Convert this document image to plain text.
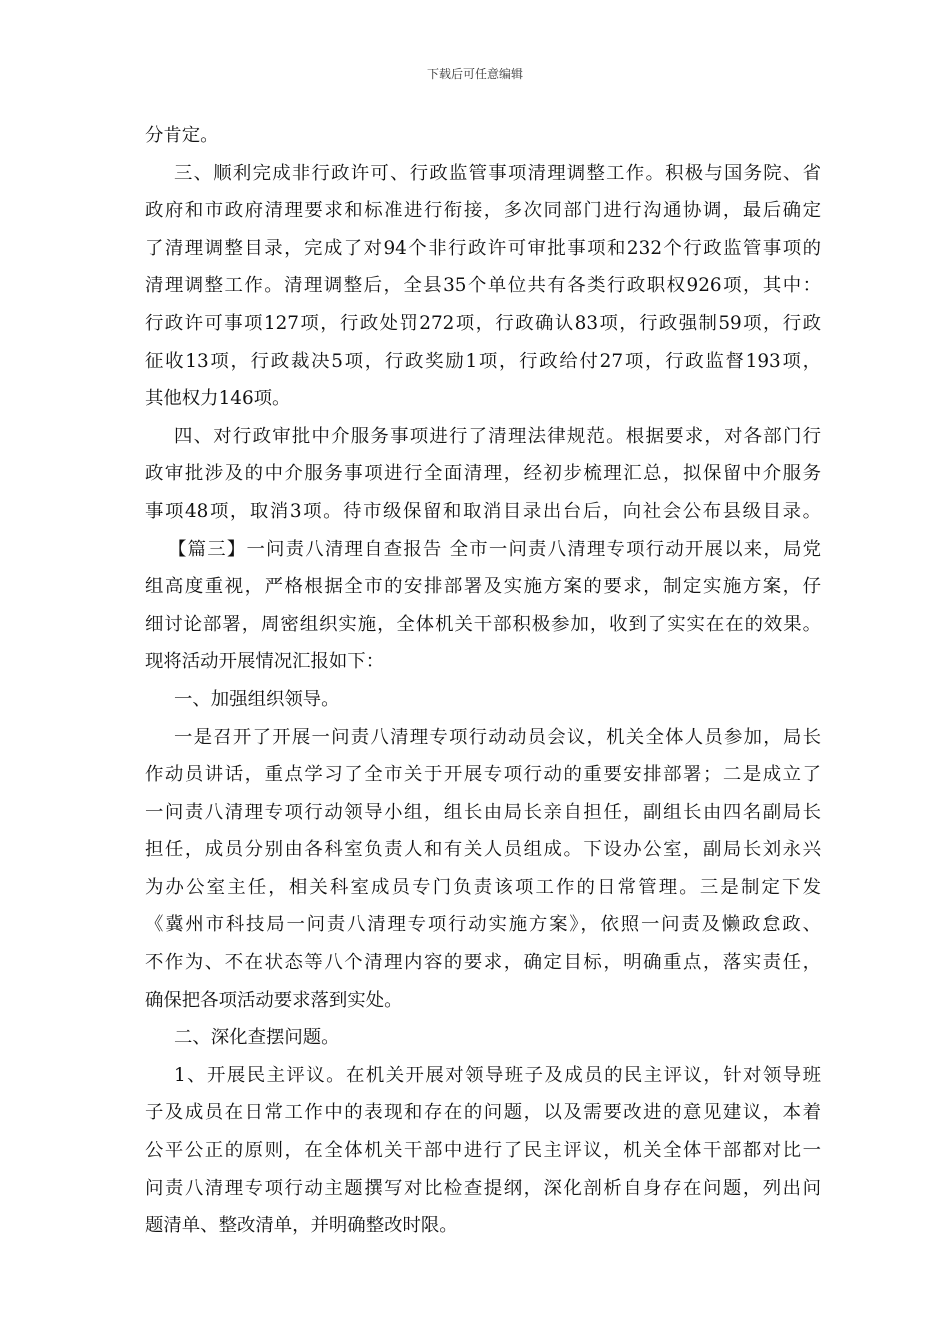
下载后可任意编辑
分肯定。
三、顺利完成非行政许可、行政监管事项清理调整工作。积极与国务院、省
政府和市政府清理要求和标准进行衔接，多次同部门进行沟通协调，最后确定
了清理调整目录，完成了对94个非行政许可审批事项和232个行政监管事项的
清理调整工作。清理调整后，全县35个单位共有各类行政职权926项，其中：
行政许可事项127项，行政处罚272项，行政确认83项，行政强制59项，行政
征收13项，行政裁决5项，行政奖励1项，行政给付27项，行政监督193项，
其他权力146项。
四、对行政审批中介服务事项进行了清理法律规范。根据要求，对各部门行
政审批涉及的中介服务事项进行全面清理，经初步梳理汇总，拟保留中介服务
事项48项，取消3项。待市级保留和取消目录出台后，向社会公布县级目录。
【篇三】一问责八清理自查报告 全市一问责八清理专项行动开展以来，局党
组高度重视，严格根据全市的安排部署及实施方案的要求，制定实施方案，仔
细讨论部署，周密组织实施，全体机关干部积极参加，收到了实实在在的效果。
现将活动开展情况汇报如下：
一、加强组织领导。
一是召开了开展一问责八清理专项行动动员会议，机关全体人员参加，局长
作动员讲话，重点学习了全市关于开展专项行动的重要安排部署；二是成立了
一问责八清理专项行动领导小组，组长由局长亲自担任，副组长由四名副局长
担任，成员分别由各科室负责人和有关人员组成。下设办公室，副局长刘永兴
为办公室主任，相关科室成员专门负责该项工作的日常管理。三是制定下发
《冀州市科技局一问责八清理专项行动实施方案》，依照一问责及懒政怠政、
不作为、不在状态等八个清理内容的要求，确定目标，明确重点，落实责任，
确保把各项活动要求落到实处。
二、深化查摆问题。
1、开展民主评议。在机关开展对领导班子及成员的民主评议，针对领导班
子及成员在日常工作中的表现和存在的问题，以及需要改进的意见建议，本着
公平公正的原则，在全体机关干部中进行了民主评议，机关全体干部都对比一
问责八清理专项行动主题撰写对比检查提纲，深化剖析自身存在问题，列出问
题清单、整改清单，并明确整改时限。
